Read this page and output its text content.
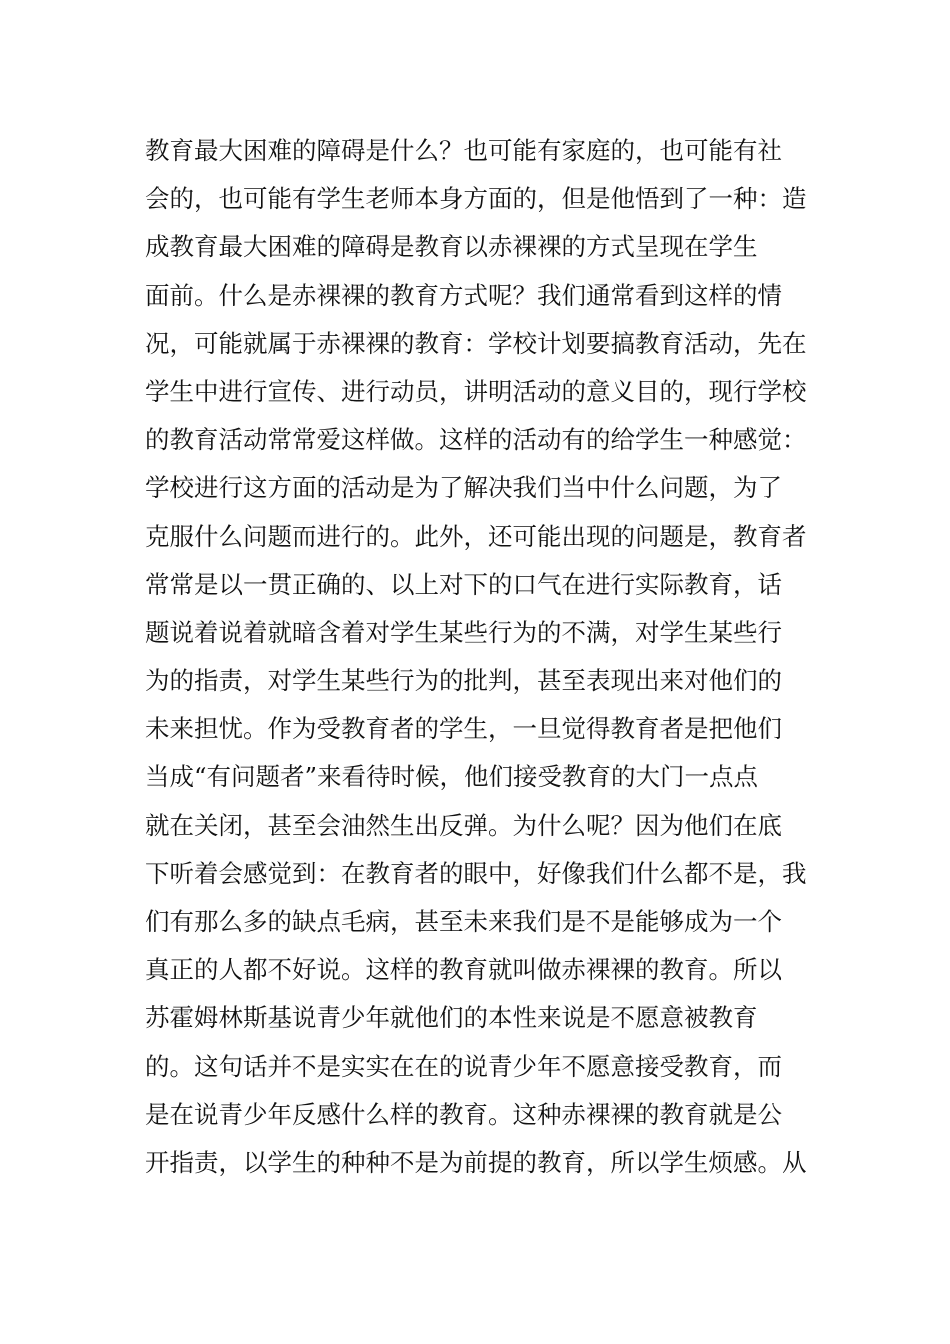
教育最大困难的障碍是什么？也可能有家庭的，也可能有社
会的，也可能有学生老师本身方面的，但是他悟到了一种：造
成教育最大困难的障碍是教育以赤裸裸的方式呈现在学生
面前。什么是赤裸裸的教育方式呢？我们通常看到这样的情
况，可能就属于赤裸裸的教育：学校计划要搞教育活动，先在
学生中进行宣传、进行动员，讲明活动的意义目的，现行学校
的教育活动常常爱这样做。这样的活动有的给学生一种感觉：
学校进行这方面的活动是为了解决我们当中什么问题，为了
克服什么问题而进行的。此外，还可能出现的问题是，教育者
常常是以一贯正确的、以上对下的口气在进行实际教育，话
题说着说着就暗含着对学生某些行为的不满，对学生某些行
为的指责，对学生某些行为的批判，甚至表现出来对他们的
未来担忧。作为受教育者的学生，一旦觉得教育者是把他们
当成“有问题者”来看待时候，他们接受教育的大门一点点
就在关闭，甚至会油然生出反弹。为什么呢？因为他们在底
下听着会感觉到：在教育者的眼中，好像我们什么都不是，我
们有那么多的缺点毛病，甚至未来我们是不是能够成为一个
真正的人都不好说。这样的教育就叫做赤裸裸的教育。所以
苏霍姆林斯基说青少年就他们的本性来说是不愿意被教育
的。这句话并不是实实在在的说青少年不愿意接受教育，而
是在说青少年反感什么样的教育。这种赤裸裸的教育就是公
开指责，以学生的种种不是为前提的教育，所以学生烦感。从
